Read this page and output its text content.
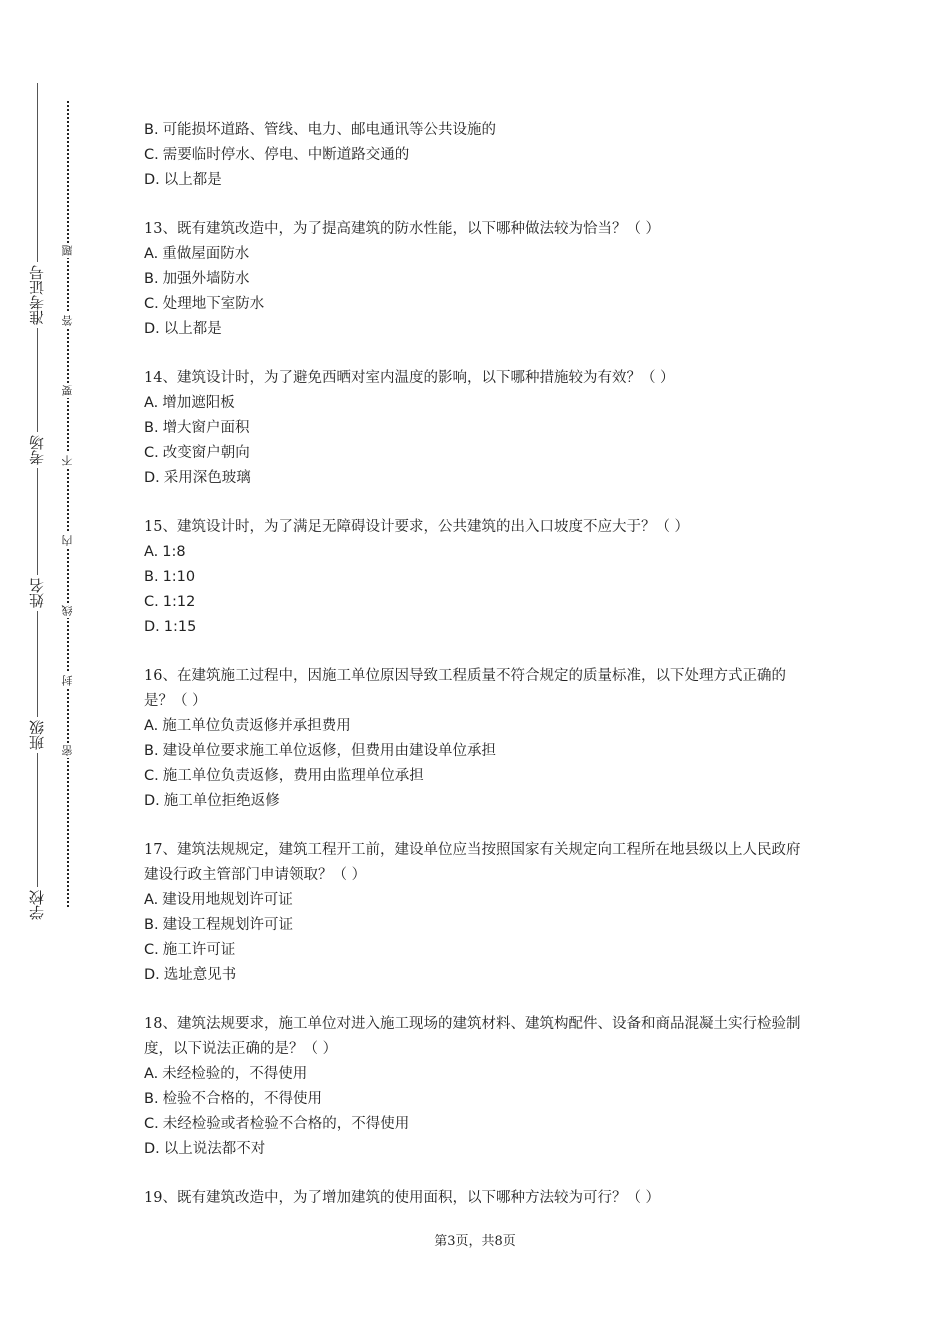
准考证号
考场
姓名
班级
学校
题
答
要
不
内
线
封
密
B. 可能损坏道路、管线、电力、邮电通讯等公共设施的
C. 需要临时停水、停电、中断道路交通的
D. 以上都是
13、既有建筑改造中，为了提高建筑的防水性能，以下哪种做法较为恰当？（ ）
A. 重做屋面防水
B. 加强外墙防水
C. 处理地下室防水
D. 以上都是
14、建筑设计时，为了避免西晒对室内温度的影响，以下哪种措施较为有效？（ ）
A. 增加遮阳板
B. 增大窗户面积
C. 改变窗户朝向
D. 采用深色玻璃
15、建筑设计时，为了满足无障碍设计要求，公共建筑的出入口坡度不应大于？（ ）
A. 1:8
B. 1:10
C. 1:12
D. 1:15
16、在建筑施工过程中，因施工单位原因导致工程质量不符合规定的质量标准，以下处理方式正确的是？（ ）
A. 施工单位负责返修并承担费用
B. 建设单位要求施工单位返修，但费用由建设单位承担
C. 施工单位负责返修，费用由监理单位承担
D. 施工单位拒绝返修
17、建筑法规规定，建筑工程开工前，建设单位应当按照国家有关规定向工程所在地县级以上人民政府建设行政主管部门申请领取？（ ）
A. 建设用地规划许可证
B. 建设工程规划许可证
C. 施工许可证
D. 选址意见书
18、建筑法规要求，施工单位对进入施工现场的建筑材料、建筑构配件、设备和商品混凝土实行检验制度，以下说法正确的是？（ ）
A. 未经检验的，不得使用
B. 检验不合格的，不得使用
C. 未经检验或者检验不合格的，不得使用
D. 以上说法都不对
19、既有建筑改造中，为了增加建筑的使用面积，以下哪种方法较为可行？（ ）
第3页，共8页
